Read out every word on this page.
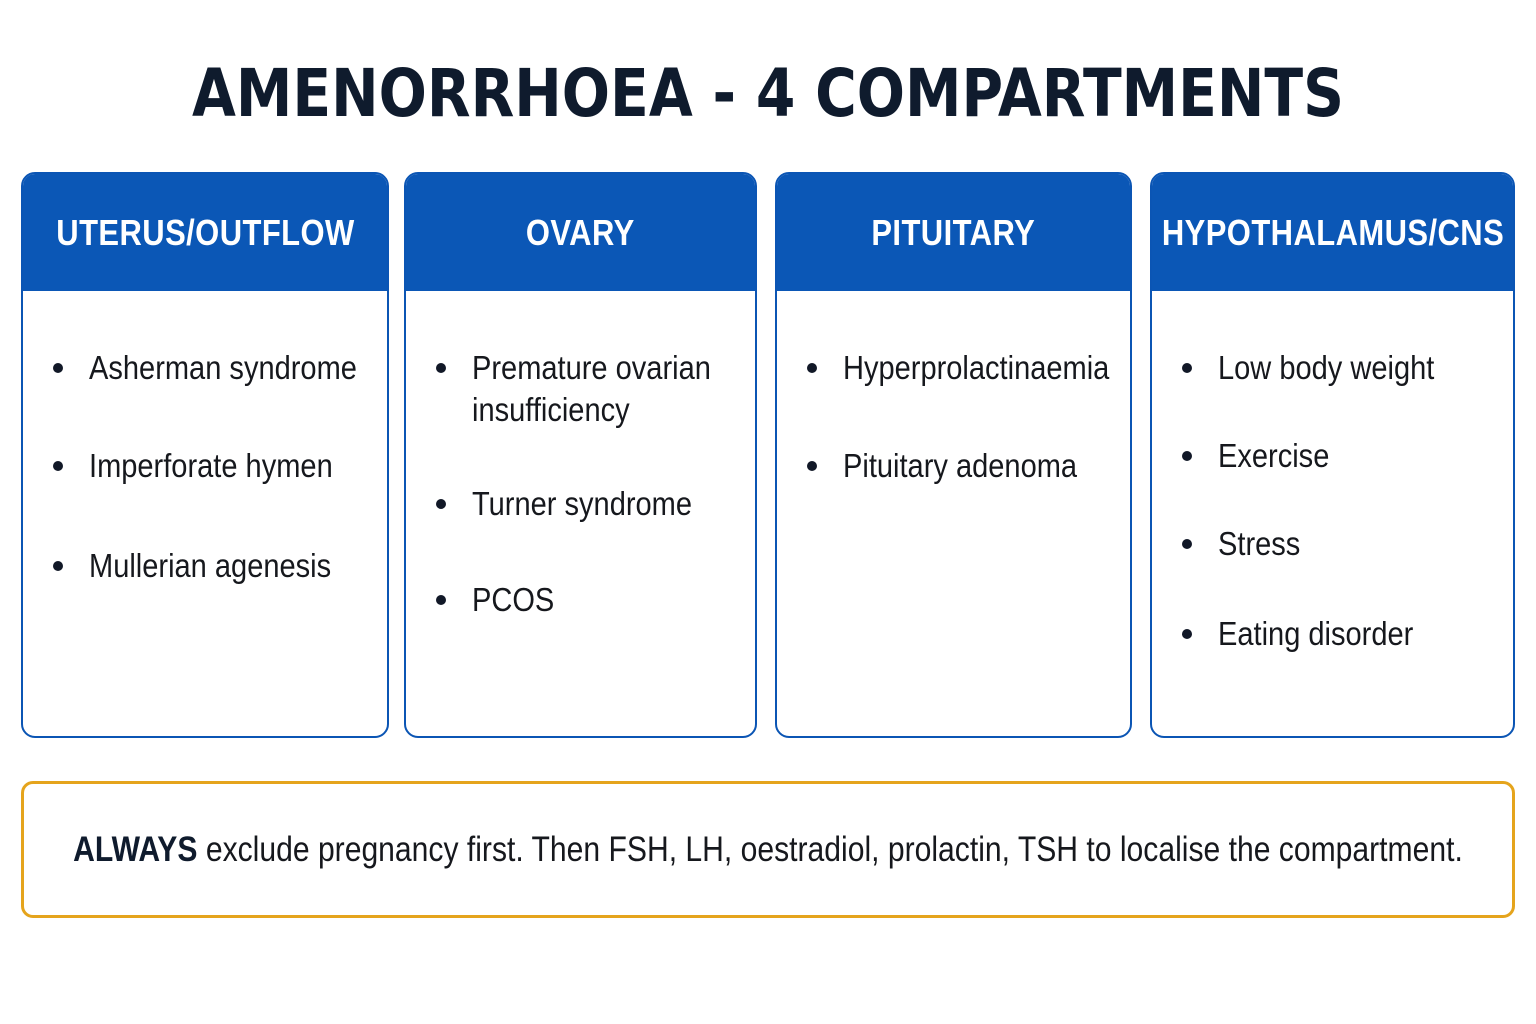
AMENORRHOEA - 4 COMPARTMENTS
UTERUS/OUTFLOW
Asherman syndrome
Imperforate hymen
Mullerian agenesis
OVARY
Premature ovarian insufficiency
Turner syndrome
PCOS
PITUITARY
Hyperprolactinaemia
Pituitary adenoma
HYPOTHALAMUS/CNS
Low body weight
Exercise
Stress
Eating disorder
ALWAYS exclude pregnancy first. Then FSH, LH, oestradiol, prolactin, TSH to localise the compartment.
